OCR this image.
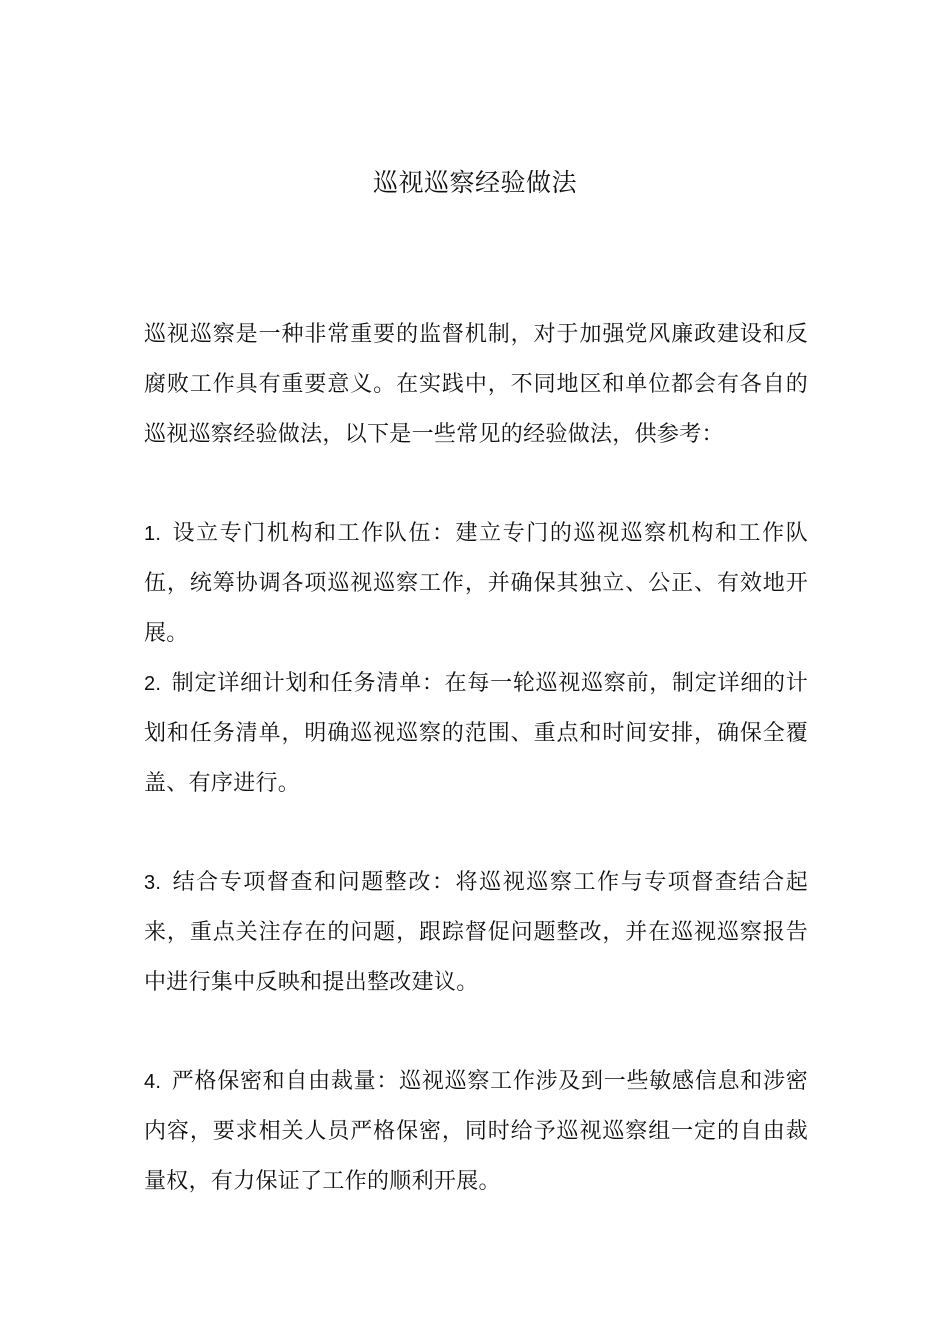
巡视巡察经验做法
巡视巡察是一种非常重要的监督机制，对于加强党风廉政建设和反腐败工作具有重要意义。在实践中，不同地区和单位都会有各自的巡视巡察经验做法，以下是一些常见的经验做法，供参考：
1. 设立专门机构和工作队伍：建立专门的巡视巡察机构和工作队伍，统筹协调各项巡视巡察工作，并确保其独立、公正、有效地开展。
2. 制定详细计划和任务清单：在每一轮巡视巡察前，制定详细的计划和任务清单，明确巡视巡察的范围、重点和时间安排，确保全覆盖、有序进行。
3. 结合专项督查和问题整改：将巡视巡察工作与专项督查结合起来，重点关注存在的问题，跟踪督促问题整改，并在巡视巡察报告中进行集中反映和提出整改建议。
4. 严格保密和自由裁量：巡视巡察工作涉及到一些敏感信息和涉密内容，要求相关人员严格保密，同时给予巡视巡察组一定的自由裁量权，有力保证了工作的顺利开展。
